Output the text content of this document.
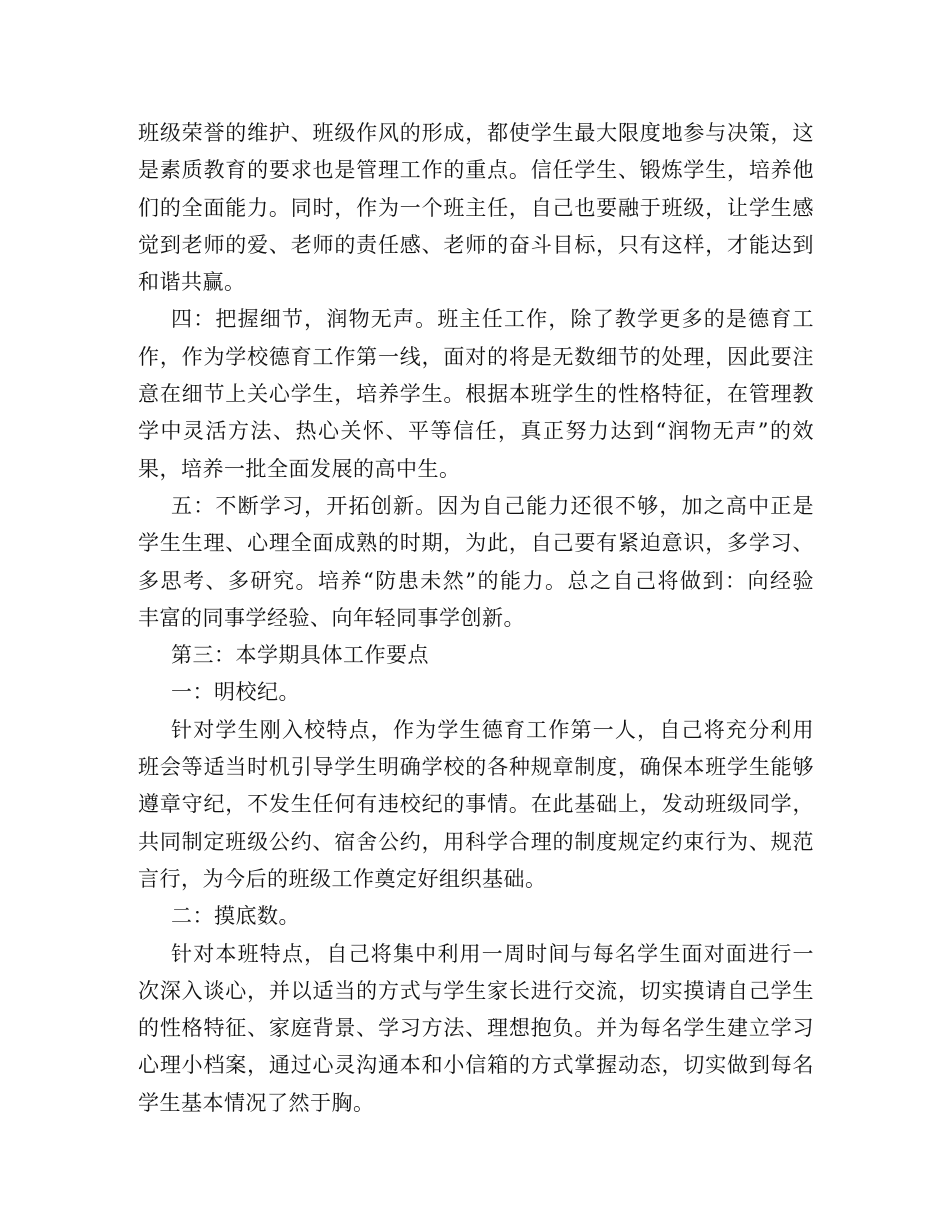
班级荣誉的维护、班级作风的形成，都使学生最大限度地参与决策，这
是素质教育的要求也是管理工作的重点。信任学生、锻炼学生，培养他
们的全面能力。同时，作为一个班主任，自己也要融于班级，让学生感
觉到老师的爱、老师的责任感、老师的奋斗目标，只有这样，才能达到
和谐共赢。
四：把握细节，润物无声。班主任工作，除了教学更多的是德育工
作，作为学校德育工作第一线，面对的将是无数细节的处理，因此要注
意在细节上关心学生，培养学生。根据本班学生的性格特征，在管理教
学中灵活方法、热心关怀、平等信任，真正努力达到“润物无声”的效
果，培养一批全面发展的高中生。
五：不断学习，开拓创新。因为自己能力还很不够，加之高中正是
学生生理、心理全面成熟的时期，为此，自己要有紧迫意识，多学习、
多思考、多研究。培养“防患未然”的能力。总之自己将做到：向经验
丰富的同事学经验、向年轻同事学创新。
第三：本学期具体工作要点
一：明校纪。
针对学生刚入校特点，作为学生德育工作第一人，自己将充分利用
班会等适当时机引导学生明确学校的各种规章制度，确保本班学生能够
遵章守纪，不发生任何有违校纪的事情。在此基础上，发动班级同学，
共同制定班级公约、宿舍公约，用科学合理的制度规定约束行为、规范
言行，为今后的班级工作奠定好组织基础。
二：摸底数。
针对本班特点，自己将集中利用一周时间与每名学生面对面进行一
次深入谈心，并以适当的方式与学生家长进行交流，切实摸请自己学生
的性格特征、家庭背景、学习方法、理想抱负。并为每名学生建立学习
心理小档案，通过心灵沟通本和小信箱的方式掌握动态，切实做到每名
学生基本情况了然于胸。
